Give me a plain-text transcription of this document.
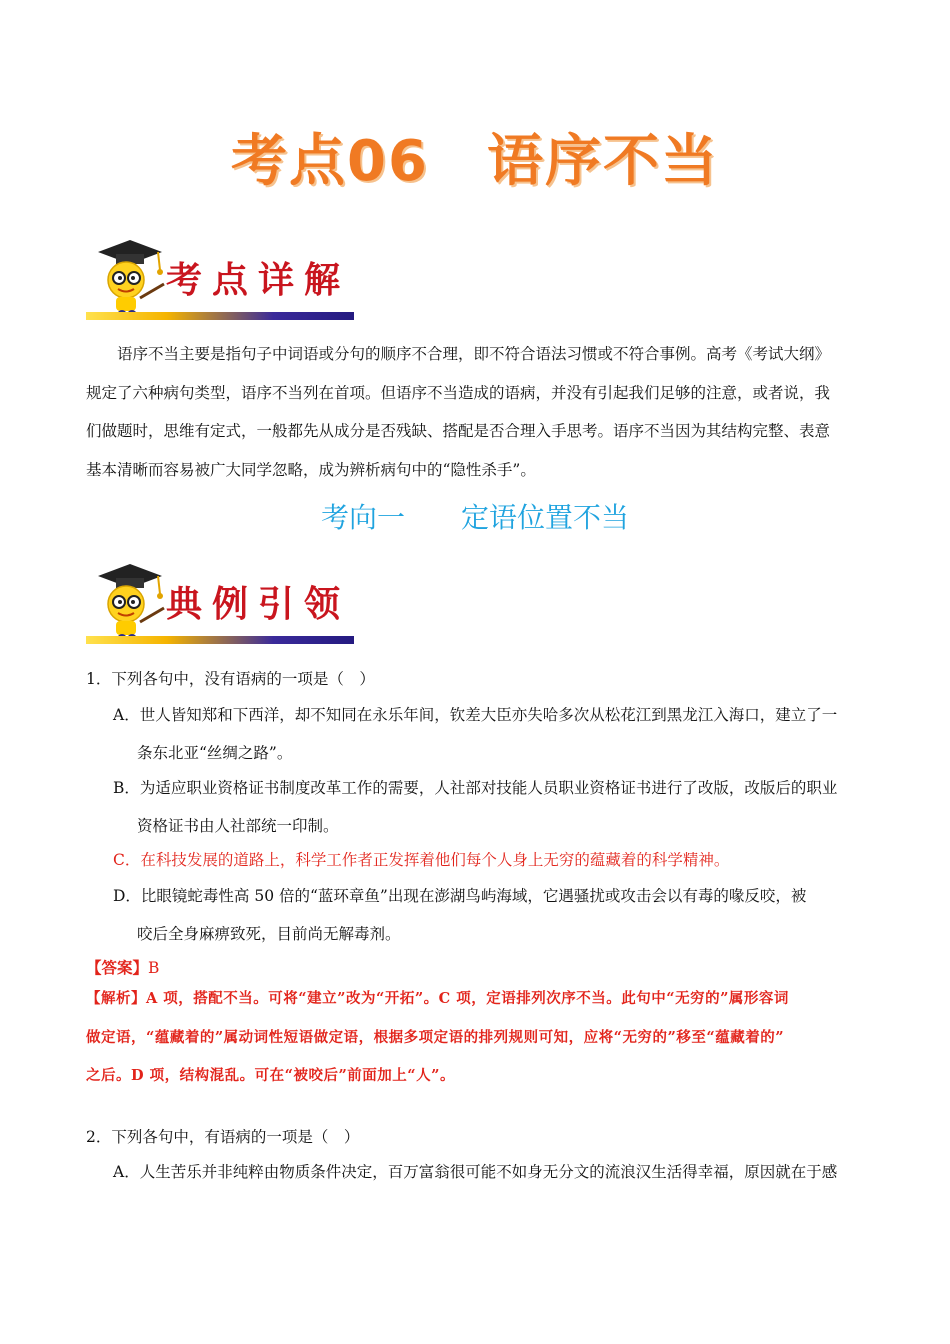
考点06 语序不当
考点详解
语序不当主要是指句子中词语或分句的顺序不合理，即不符合语法习惯或不符合事例。高考《考试大纲》
规定了六种病句类型，语序不当列在首项。但语序不当造成的语病，并没有引起我们足够的注意，或者说，我
们做题时，思维有定式，一般都先从成分是否残缺、搭配是否合理入手思考。语序不当因为其结构完整、表意
基本清晰而容易被广大同学忽略，成为辨析病句中的“隐性杀手”。
考向一 定语位置不当
典例引领
1．下列各句中，没有语病的一项是（　）
A．世人皆知郑和下西洋，却不知同在永乐年间，钦差大臣亦失哈多次从松花江到黑龙江入海口，建立了一
条东北亚“丝绸之路”。
B．为适应职业资格证书制度改革工作的需要，人社部对技能人员职业资格证书进行了改版，改版后的职业
资格证书由人社部统一印制。
C．在科技发展的道路上，科学工作者正发挥着他们每个人身上无穷的蕴藏着的科学精神。
D．比眼镜蛇毒性高 50 倍的“蓝环章鱼”出现在澎湖鸟屿海域，它遇骚扰或攻击会以有毒的喙反咬，被
咬后全身麻痹致死，目前尚无解毒剂。
【答案】B
【解析】A 项，搭配不当。可将“建立”改为“开拓”。C 项，定语排列次序不当。此句中“无穷的”属形容词
做定语，“蕴藏着的”属动词性短语做定语，根据多项定语的排列规则可知，应将“无穷的”移至“蕴藏着的”
之后。D 项，结构混乱。可在“被咬后”前面加上“人”。
2．下列各句中，有语病的一项是（　）
A．人生苦乐并非纯粹由物质条件决定，百万富翁很可能不如身无分文的流浪汉生活得幸福，原因就在于感
